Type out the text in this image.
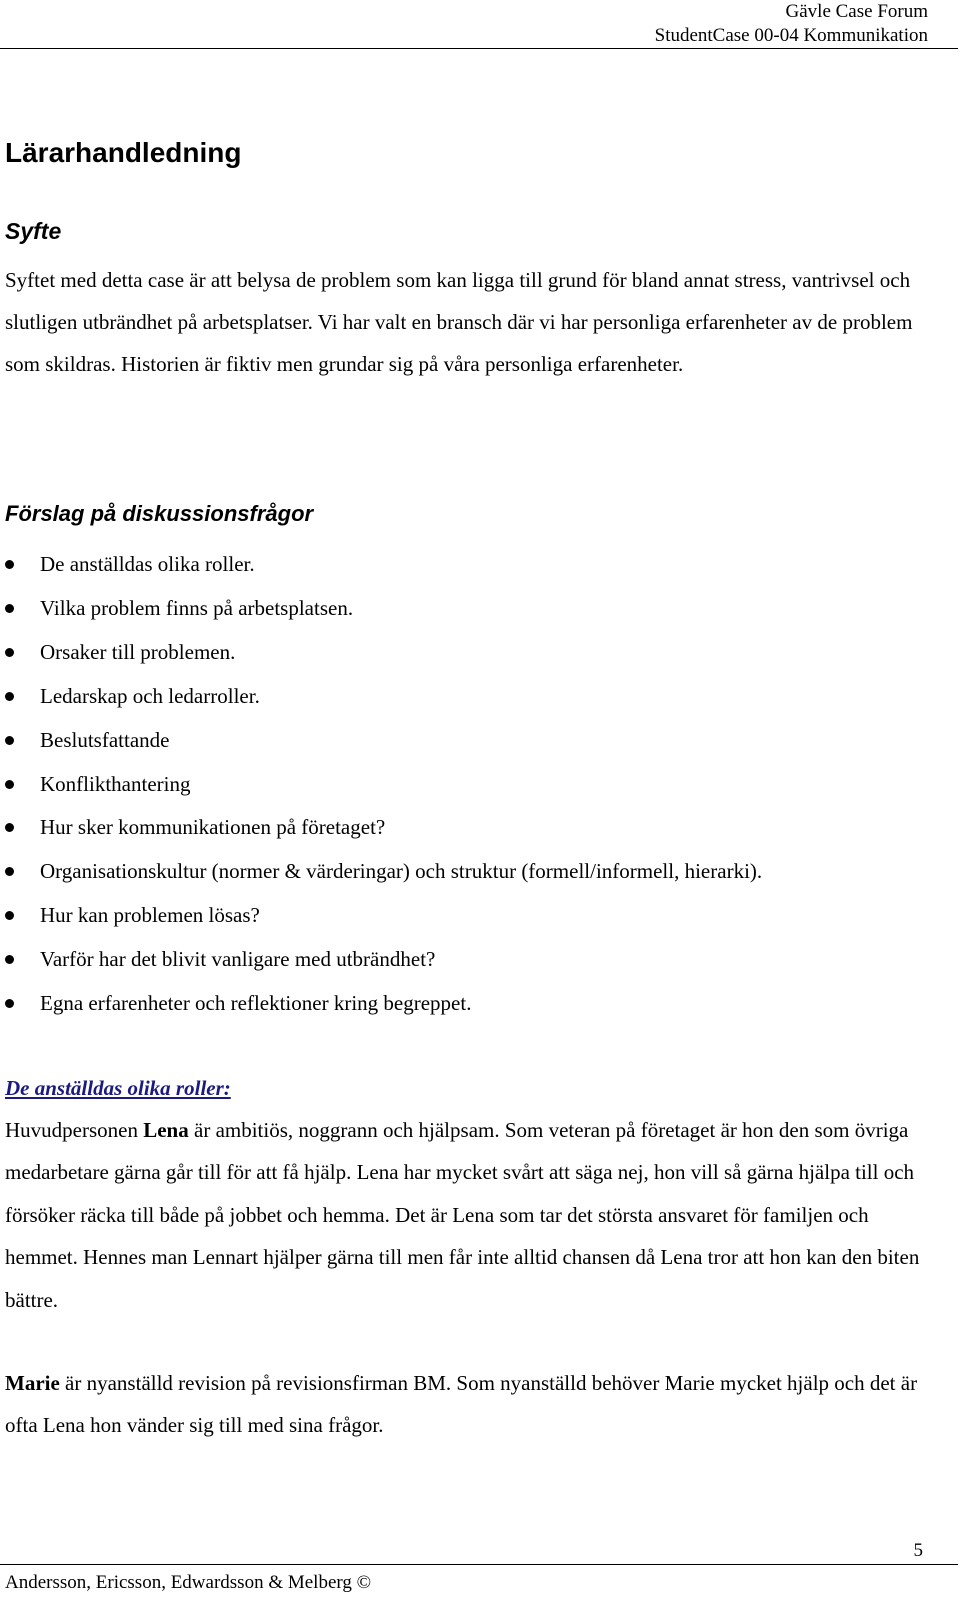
Gävle Case Forum
StudentCase 00-04 Kommunikation
Lärarhandledning
Syfte

Syftet med detta case är att belysa de problem som kan ligga till grund för bland annat stress, vantrivsel och slutligen utbrändhet på arbetsplatser. Vi har valt en bransch där vi har personliga erfarenheter av de problem som skildras. Historien är fiktiv men grundar sig på våra personliga erfarenheter.

Förslag på diskussionsfrågor
De anställdas olika roller.
Vilka problem finns på arbetsplatsen.
Orsaker till problemen.
Ledarskap och ledarroller.
Beslutsfattande
Konflikthantering
Hur sker kommunikationen på företaget?
Organisationskultur (normer & värderingar) och struktur (formell/informell, hierarki).
Hur kan problemen lösas?
Varför har det blivit vanligare med utbrändhet?
Egna erfarenheter och reflektioner kring begreppet.
De anställdas olika roller:

Huvudpersonen Lena är ambitiös, noggrann och hjälpsam. Som veteran på företaget är hon den som övriga medarbetare gärna går till för att få hjälp. Lena har mycket svårt att säga nej, hon vill så gärna hjälpa till och försöker räcka till både på jobbet och hemma. Det är Lena som tar det största ansvaret för familjen och hemmet. Hennes man Lennart hjälper gärna till men får inte alltid chansen då Lena tror att hon kan den biten bättre.

Marie är nyanställd revision på revisionsfirman BM. Som nyanställd behöver Marie mycket hjälp och det är ofta Lena hon vänder sig till med sina frågor.

5
Andersson, Ericsson, Edwardsson & Melberg ©
